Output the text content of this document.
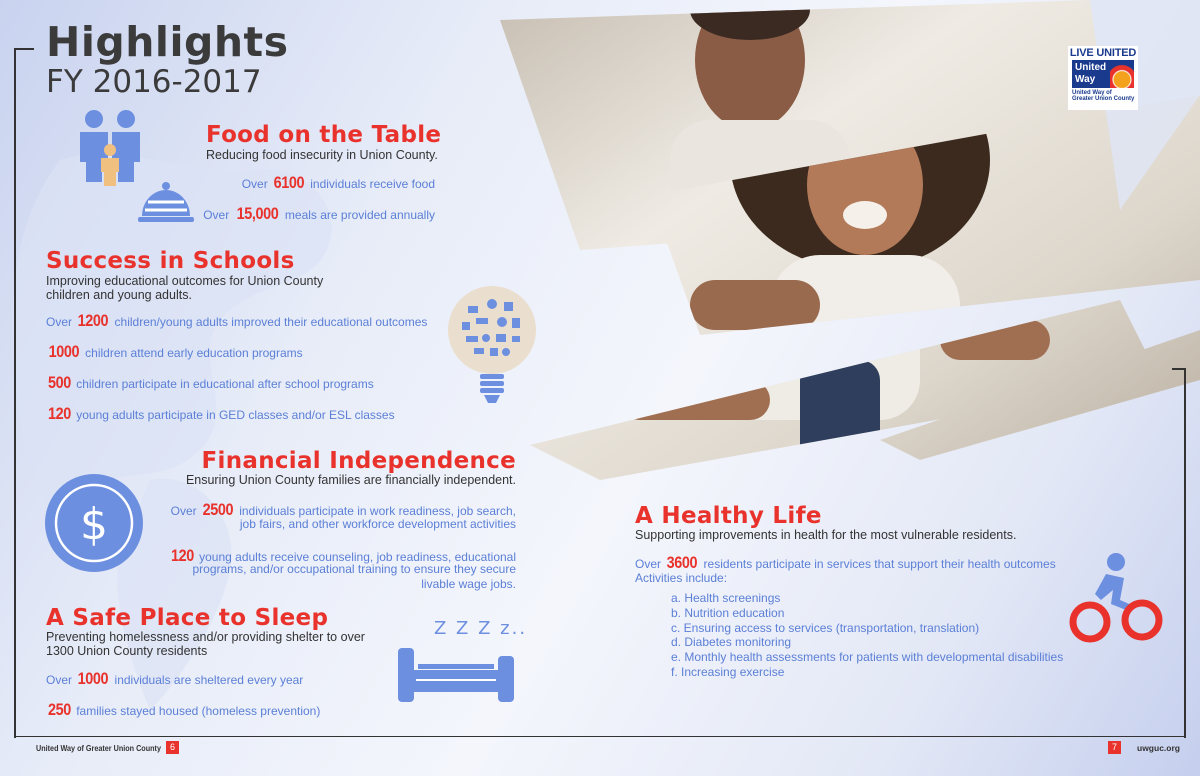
Highlights
FY 2016-2017
LIVE UNITED
United
Way
United Way of
Greater Union County
Food on the Table
Reducing food insecurity in Union County.
Over 6100 individuals receive food
Over 15,000 meals are provided annually
Success in Schools
Improving educational outcomes for Union County
children and young adults.
Over 1200 children/young adults improved their educational outcomes
1000 children attend early education programs
500 children participate in educational after school programs
120 young adults participate in GED classes and/or ESL classes
$
Financial Independence
Ensuring Union County families are financially independent.
Over 2500 individuals participate in work readiness, job search,
job fairs, and other workforce development activities
120 young adults receive counseling, job readiness, educational
programs, and/or occupational training to ensure they secure
livable wage jobs.
A Safe Place to Sleep
Preventing homelessness and/or providing shelter to over
1300 Union County residents
Over 1000 individuals are sheltered every year
250 families stayed housed (homeless prevention)
Z Z Z z..
A Healthy Life
Supporting improvements in health for the most vulnerable residents.
Over 3600 residents participate in services that support their health outcomes
Activities include:
a. Health screenings
b. Nutrition education
c. Ensuring access to services (transportation, translation)
d. Diabetes monitoring
e. Monthly health assessments for patients with developmental disabilities
f. Increasing exercise
United Way of Greater Union County	6	7	uwguc.org
